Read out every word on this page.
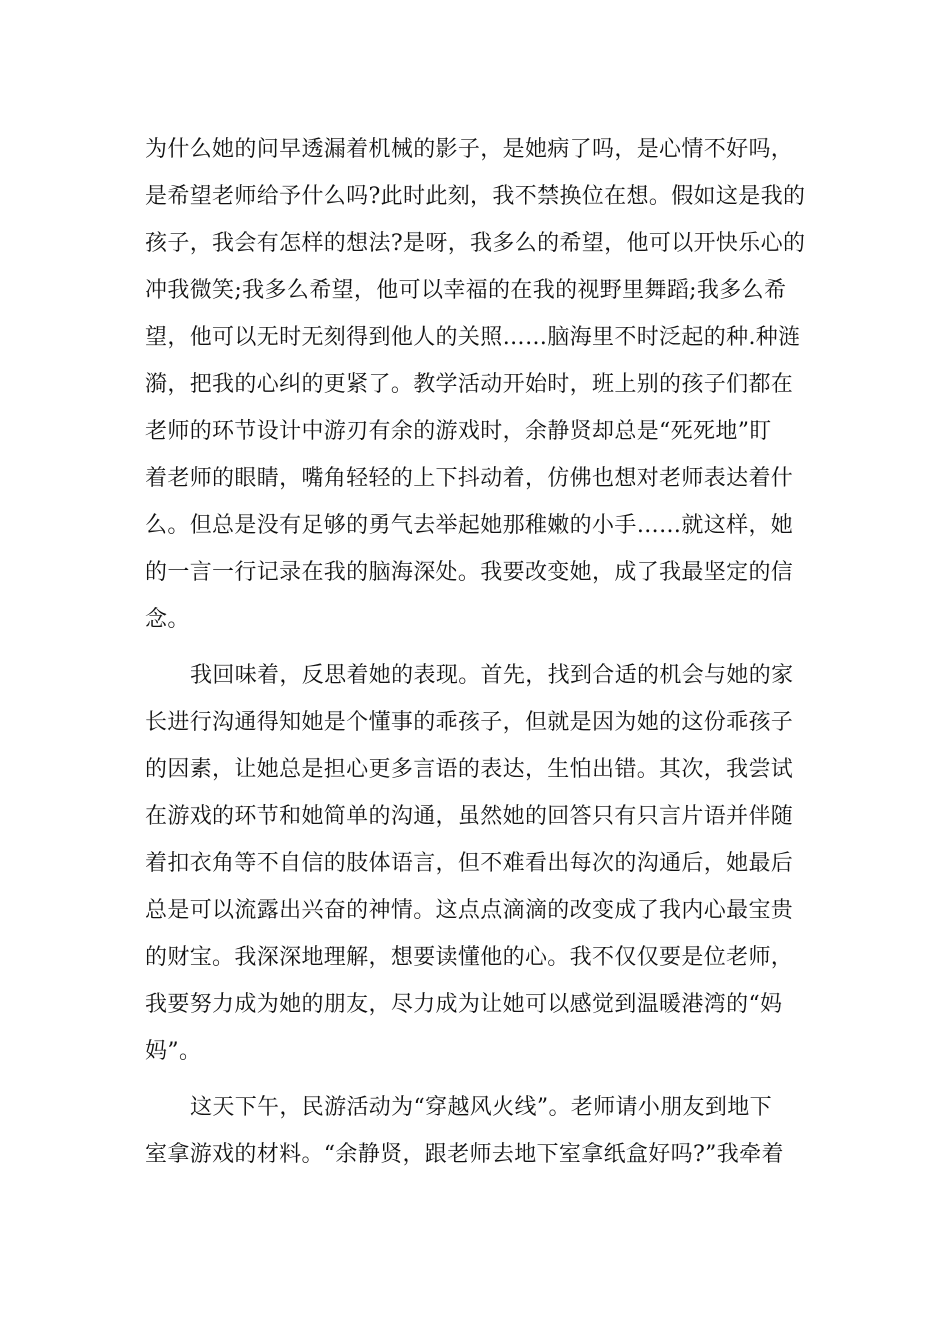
为什么她的问早透漏着机械的影子，是她病了吗，是心情不好吗，
是希望老师给予什么吗?此时此刻，我不禁换位在想。假如这是我的
孩子，我会有怎样的想法?是呀，我多么的希望，他可以开快乐心的
冲我微笑;我多么希望，他可以幸福的在我的视野里舞蹈;我多么希
望，他可以无时无刻得到他人的关照……脑海里不时泛起的种.种涟
漪，把我的心纠的更紧了。教学活动开始时，班上别的孩子们都在
老师的环节设计中游刃有余的游戏时，余静贤却总是“死死地”盯
着老师的眼睛，嘴角轻轻的上下抖动着，仿佛也想对老师表达着什
么。但总是没有足够的勇气去举起她那稚嫩的小手……就这样，她
的一言一行记录在我的脑海深处。我要改变她，成了我最坚定的信
念。
我回味着，反思着她的表现。首先，找到合适的机会与她的家
长进行沟通得知她是个懂事的乖孩子，但就是因为她的这份乖孩子
的因素，让她总是担心更多言语的表达，生怕出错。其次，我尝试
在游戏的环节和她简单的沟通，虽然她的回答只有只言片语并伴随
着扣衣角等不自信的肢体语言，但不难看出每次的沟通后，她最后
总是可以流露出兴奋的神情。这点点滴滴的改变成了我内心最宝贵
的财宝。我深深地理解，想要读懂他的心。我不仅仅要是位老师，
我要努力成为她的朋友，尽力成为让她可以感觉到温暖港湾的“妈
妈”。
这天下午，民游活动为“穿越风火线”。老师请小朋友到地下
室拿游戏的材料。“余静贤，跟老师去地下室拿纸盒好吗?”我牵着
